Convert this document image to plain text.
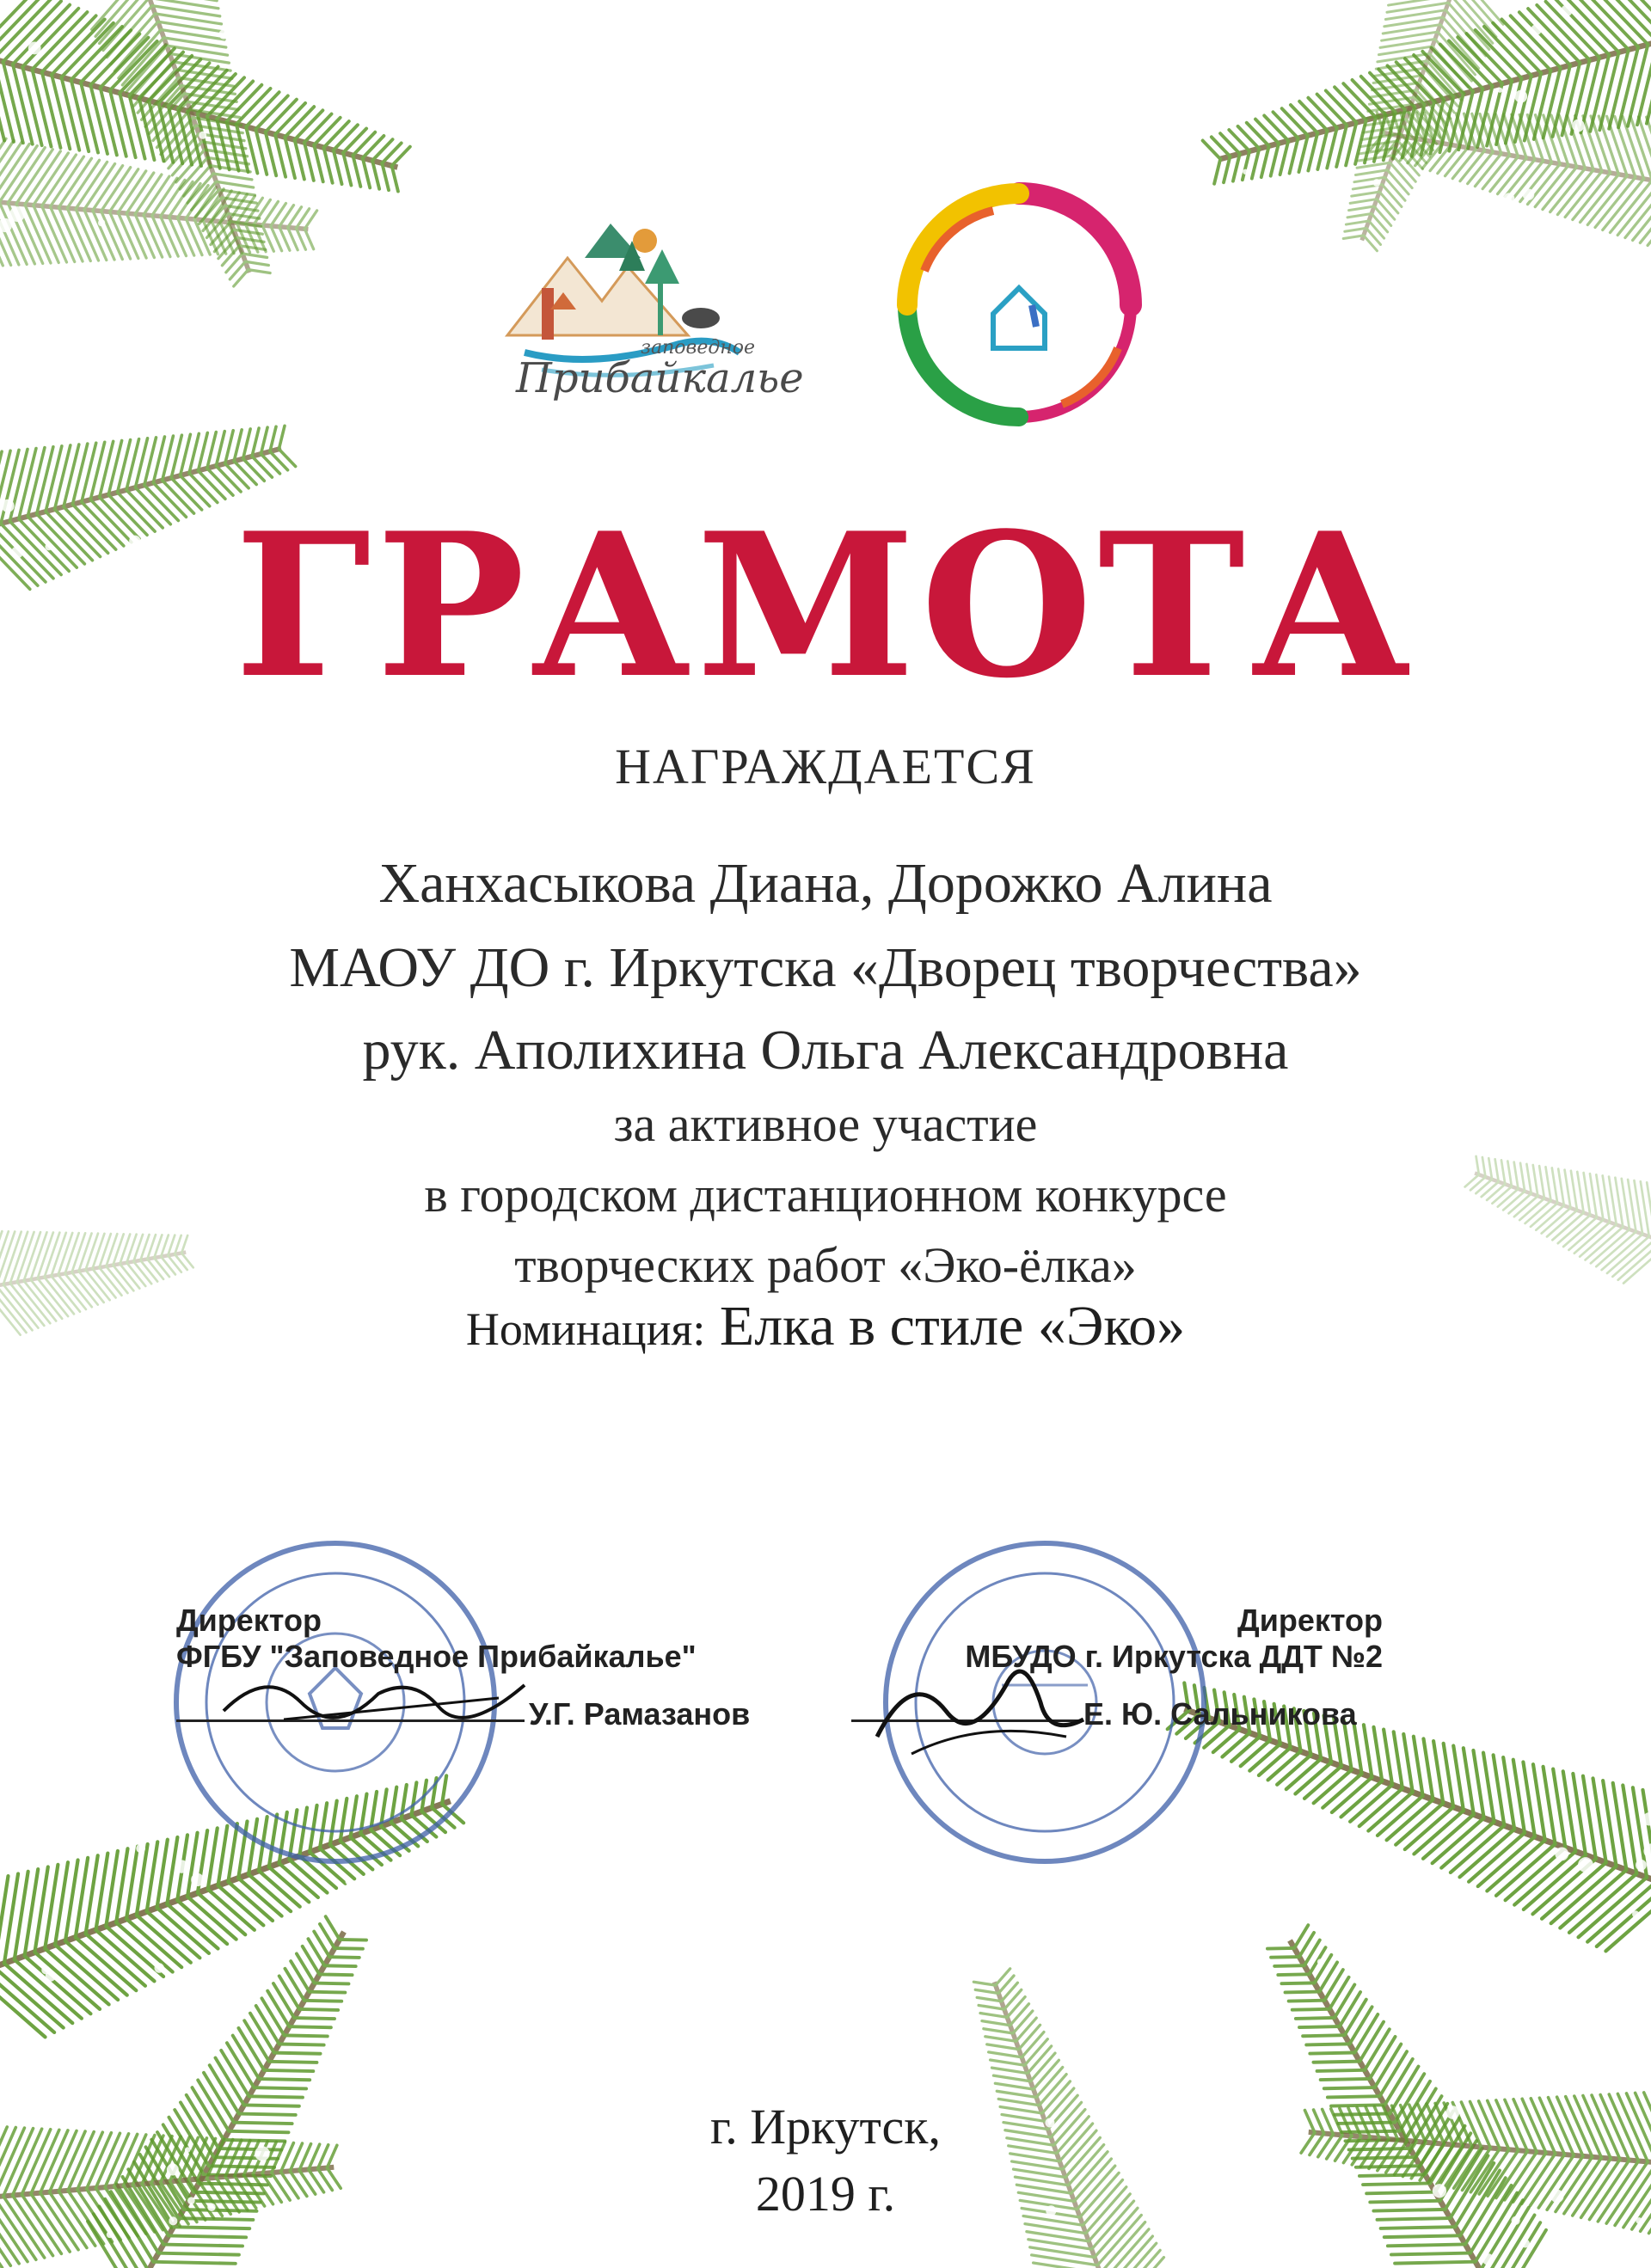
заповедное
Прибайкалье
ГРАМОТА
НАГРАЖДАЕТСЯ
Ханхасыкова Диана, Дорожко Алина
МАОУ ДО г. Иркутска «Дворец творчества»
рук. Аполихина Ольга Александровна
за активное участие
в городском дистанционном конкурсе
творческих работ «Эко-ёлка»
Номинация: Елка в стиле «Эко»
Директор
ФГБУ "Заповедное Прибайкалье"
У.Г. Рамазанов
Директор
МБУДО г. Иркутска ДДТ №2
Е. Ю. Сальникова
г. Иркутск,
2019 г.
